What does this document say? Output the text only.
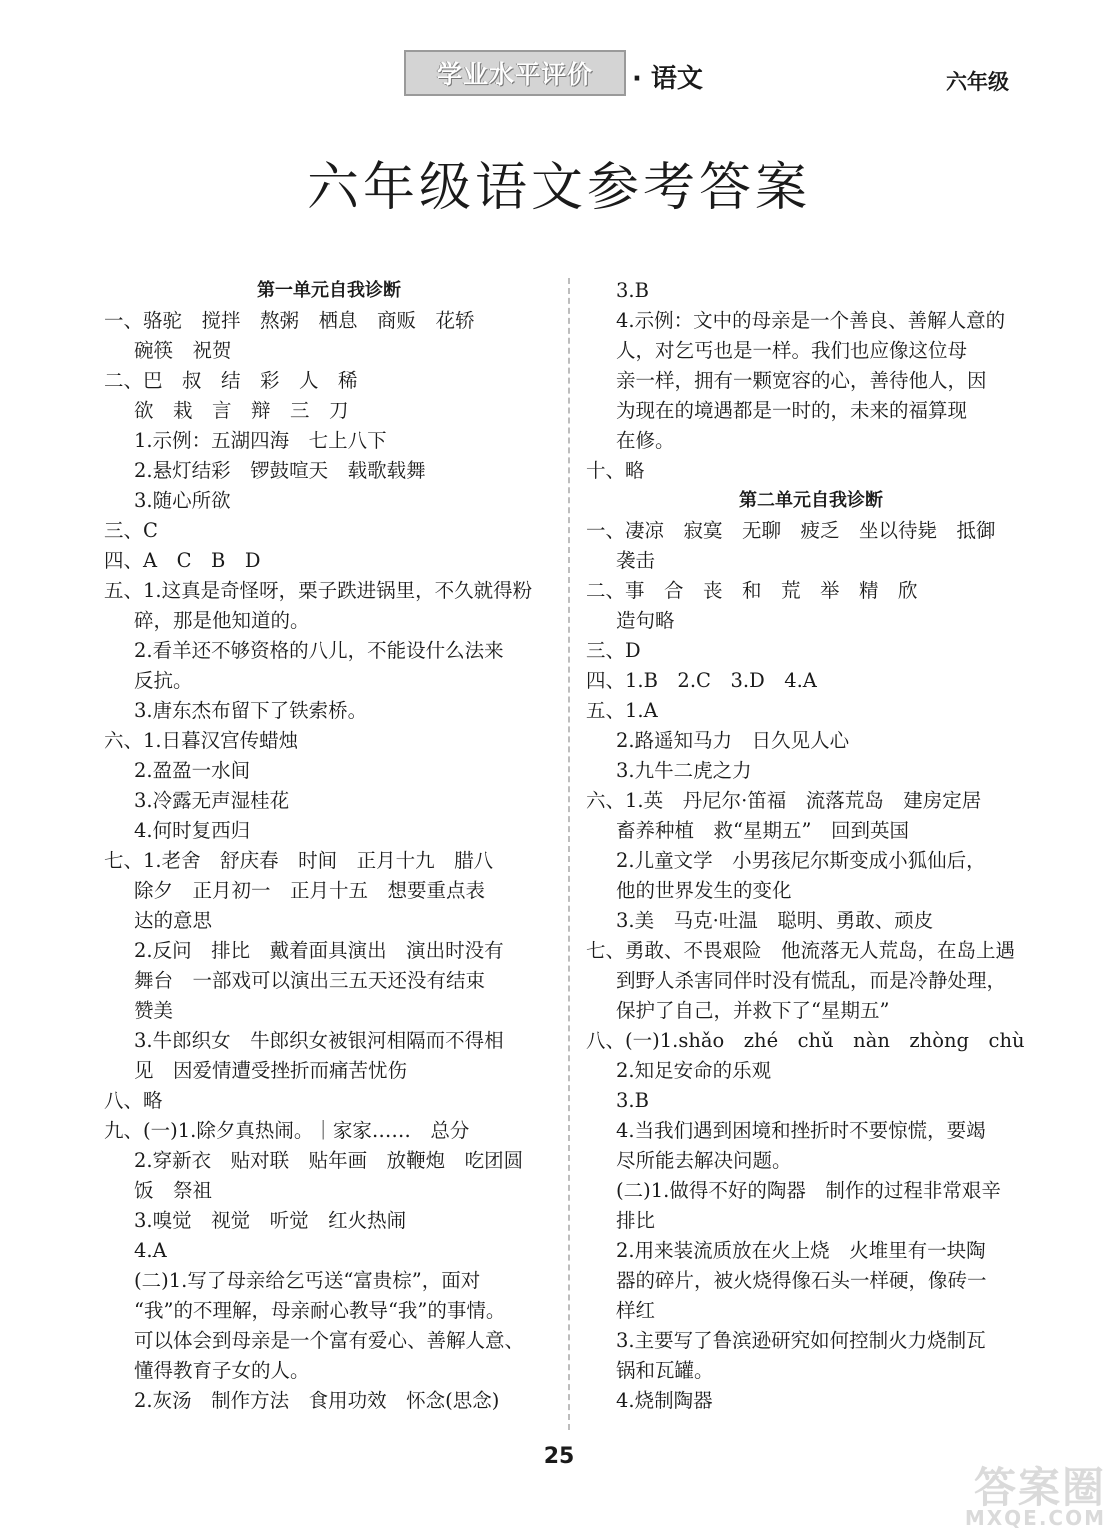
学业水平评价	· 语文	六年级
六年级语文参考答案
第一单元自我诊断
一、骆驼　搅拌　熬粥　栖息　商贩　花轿
碗筷　祝贺
二、巴　叔　结　彩　人　稀
欲　栽　言　辩　三　刀
1.示例：五湖四海　七上八下
2.悬灯结彩　锣鼓喧天　载歌载舞
3.随心所欲
三、C
四、A　C　B　D
五、1.这真是奇怪呀，栗子跌进锅里，不久就得粉
碎，那是他知道的。
2.看羊还不够资格的八儿，不能设什么法来
反抗。
3.唐东杰布留下了铁索桥。
六、1.日暮汉宫传蜡烛
2.盈盈一水间
3.冷露无声湿桂花
4.何时复西归
七、1.老舍　舒庆春　时间　正月十九　腊八
除夕　正月初一　正月十五　想要重点表
达的意思
2.反问　排比　戴着面具演出　演出时没有
舞台　一部戏可以演出三五天还没有结束
赞美
3.牛郎织女　牛郎织女被银河相隔而不得相
见　因爱情遭受挫折而痛苦忧伤
八、略
九、(一)1.除夕真热闹。｜家家……　总分
2.穿新衣　贴对联　贴年画　放鞭炮　吃团圆
饭　祭祖
3.嗅觉　视觉　听觉　红火热闹
4.A
(二)1.写了母亲给乞丐送“富贵棕”，面对
“我”的不理解，母亲耐心教导“我”的事情。
可以体会到母亲是一个富有爱心、善解人意、
懂得教育子女的人。
2.灰汤　制作方法　食用功效　怀念(思念)
3.B
4.示例：文中的母亲是一个善良、善解人意的
人，对乞丐也是一样。我们也应像这位母
亲一样，拥有一颗宽容的心，善待他人，因
为现在的境遇都是一时的，未来的福算现
在修。
十、略
第二单元自我诊断
一、凄凉　寂寞　无聊　疲乏　坐以待毙　抵御
袭击
二、事　合　丧　和　荒　举　精　欣
造句略
三、D
四、1.B　2.C　3.D　4.A
五、1.A
2.路遥知马力　日久见人心
3.九牛二虎之力
六、1.英　丹尼尔·笛福　流落荒岛　建房定居
畜养种植　救“星期五”　回到英国
2.儿童文学　小男孩尼尔斯变成小狐仙后，
他的世界发生的变化
3.美　马克·吐温　聪明、勇敢、顽皮
七、勇敢、不畏艰险　他流落无人荒岛，在岛上遇
到野人杀害同伴时没有慌乱，而是冷静处理，
保护了自己，并救下了“星期五”
八、(一)1.shǎo　zhé　chǔ　nàn　zhòng　chù
2.知足安命的乐观
3.B
4.当我们遇到困境和挫折时不要惊慌，要竭
尽所能去解决问题。
(二)1.做得不好的陶器　制作的过程非常艰辛
排比
2.用来装流质放在火上烧　火堆里有一块陶
器的碎片，被火烧得像石头一样硬，像砖一
样红
3.主要写了鲁滨逊研究如何控制火力烧制瓦
锅和瓦罐。
4.烧制陶器
25
答案圈
MXQE.COM
